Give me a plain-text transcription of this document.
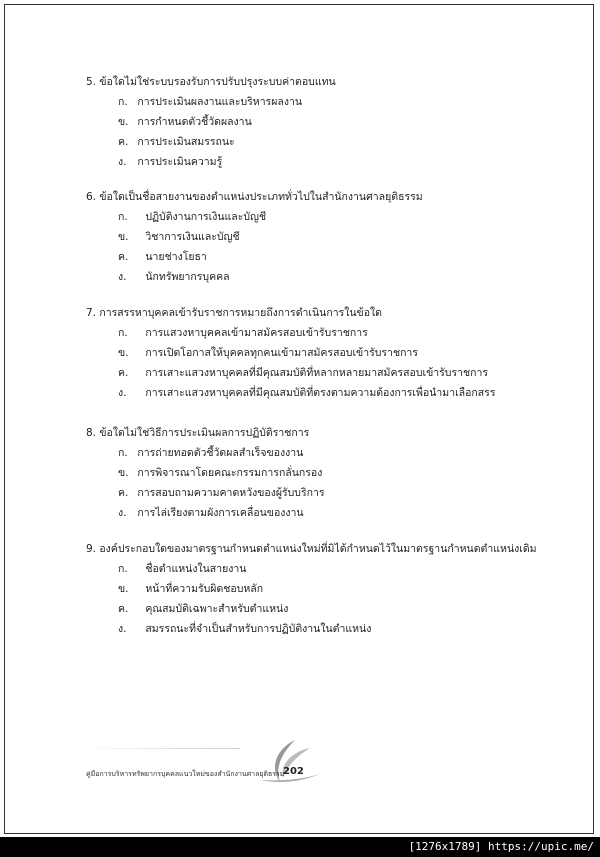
5. ข้อใดไม่ใช่ระบบรองรับการปรับปรุงระบบค่าตอบแทน
ก. การประเมินผลงานและบริหารผลงาน
ข. การกำหนดตัวชี้วัดผลงาน
ค. การประเมินสมรรถนะ
ง. การประเมินความรู้
6. ข้อใดเป็นชื่อสายงานของตำแหน่งประเภททั่วไปในสำนักงานศาลยุติธรรม
ก. ปฏิบัติงานการเงินและบัญชี
ข. วิชาการเงินและบัญชี
ค. นายช่างโยธา
ง. นักทรัพยากรบุคคล
7. การสรรหาบุคคลเข้ารับราชการหมายถึงการดำเนินการในข้อใด
ก. การแสวงหาบุคคลเข้ามาสมัครสอบเข้ารับราชการ
ข. การเปิดโอกาสให้บุคคลทุกคนเข้ามาสมัครสอบเข้ารับราชการ
ค. การเสาะแสวงหาบุคคลที่มีคุณสมบัติที่หลากหลายมาสมัครสอบเข้ารับราชการ
ง. การเสาะแสวงหาบุคคลที่มีคุณสมบัติที่ตรงตามความต้องการเพื่อนำมาเลือกสรร
8. ข้อใดไม่ใช่วิธีการประเมินผลการปฏิบัติราชการ
ก. การถ่ายทอดตัวชี้วัดผลสำเร็จของงาน
ข. การพิจารณาโดยคณะกรรมการกลั่นกรอง
ค. การสอบถามความคาดหวังของผู้รับบริการ
ง. การไล่เรียงตามผังการเคลื่อนของงาน
9. องค์ประกอบใดของมาตรฐานกำหนดตำแหน่งใหม่ที่มิได้กำหนดไว้ในมาตรฐานกำหนดตำแหน่งเดิม
ก. ชื่อตำแหน่งในสายงาน
ข. หน้าที่ความรับผิดชอบหลัก
ค. คุณสมบัติเฉพาะสำหรับตำแหน่ง
ง. สมรรถนะที่จำเป็นสำหรับการปฏิบัติงานในตำแหน่ง
คู่มือการบริหารทรัพยากรบุคคลแนวใหม่ของสำนักงานศาลยุติธรรม
202
[1276x1789] https://upic.me/
